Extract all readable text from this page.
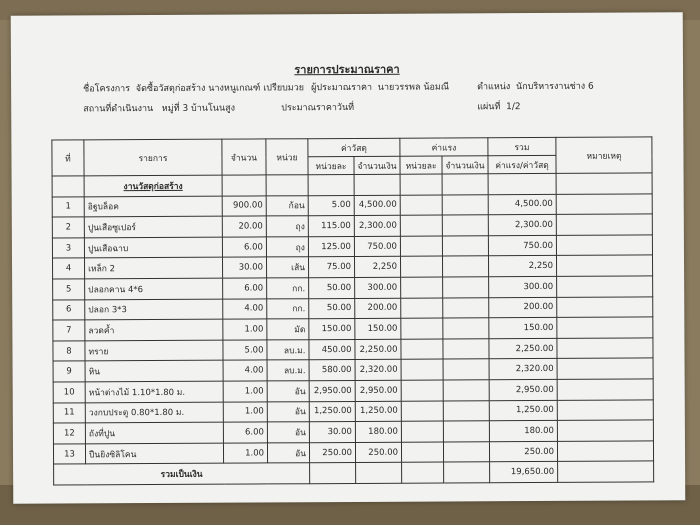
รายการประมาณราคา
ชื่อโครงการ จัดซื้อวัสดุก่อสร้าง นางหนูเกณฑ์ เปรียบมวย ผู้ประมาณราคา นายวรรพล น้อมณี	ตำแหน่ง นักบริหารงานช่าง 6
สถานที่ดำเนินงาน หมู่ที่ 3 บ้านโนนสูง	ประมาณราคาวันที่	แผ่นที่ 1/2
ที่	รายการ	จำนวน	หน่วย	ค่าวัสดุ		ค่าแรง		รวม	หมายเหตุ
				หน่วยละ	จำนวนเงิน	หน่วยละ	จำนวนเงิน	ค่าแรง/ค่าวัสดุ	
	งานวัสดุก่อสร้าง								
1	อิฐบล็อค	900.00	ก้อน	5.00	4,500.00			4,500.00	
2	ปูนเสือซูเปอร์	20.00	ถุง	115.00	2,300.00			2,300.00	
3	ปูนเสือฉาบ	6.00	ถุง	125.00	750.00			750.00	
4	เหล็ก 2	30.00	เส้น	75.00	2,250			2,250	
5	ปลอกคาน 4*6	6.00	กก.	50.00	300.00			300.00	
6	ปลอก 3*3	4.00	กก.	50.00	200.00			200.00	
7	ลวดค้ำ	1.00	มัด	150.00	150.00			150.00	
8	ทราย	5.00	ลบ.ม.	450.00	2,250.00			2,250.00	
9	หิน	4.00	ลบ.ม.	580.00	2,320.00			2,320.00	
10	หน้าต่างไม้ 1.10*1.80 ม.	1.00	อัน	2,950.00	2,950.00			2,950.00	
11	วงกบประตู 0.80*1.80 ม.	1.00	อัน	1,250.00	1,250.00			1,250.00	
12	ถังที่ปูน	6.00	อัน	30.00	180.00			180.00	
13	ปืนยิงซิลิโคน	1.00	อัน	250.00	250.00			250.00	
รวมเป็นเงิน								19,650.00	
